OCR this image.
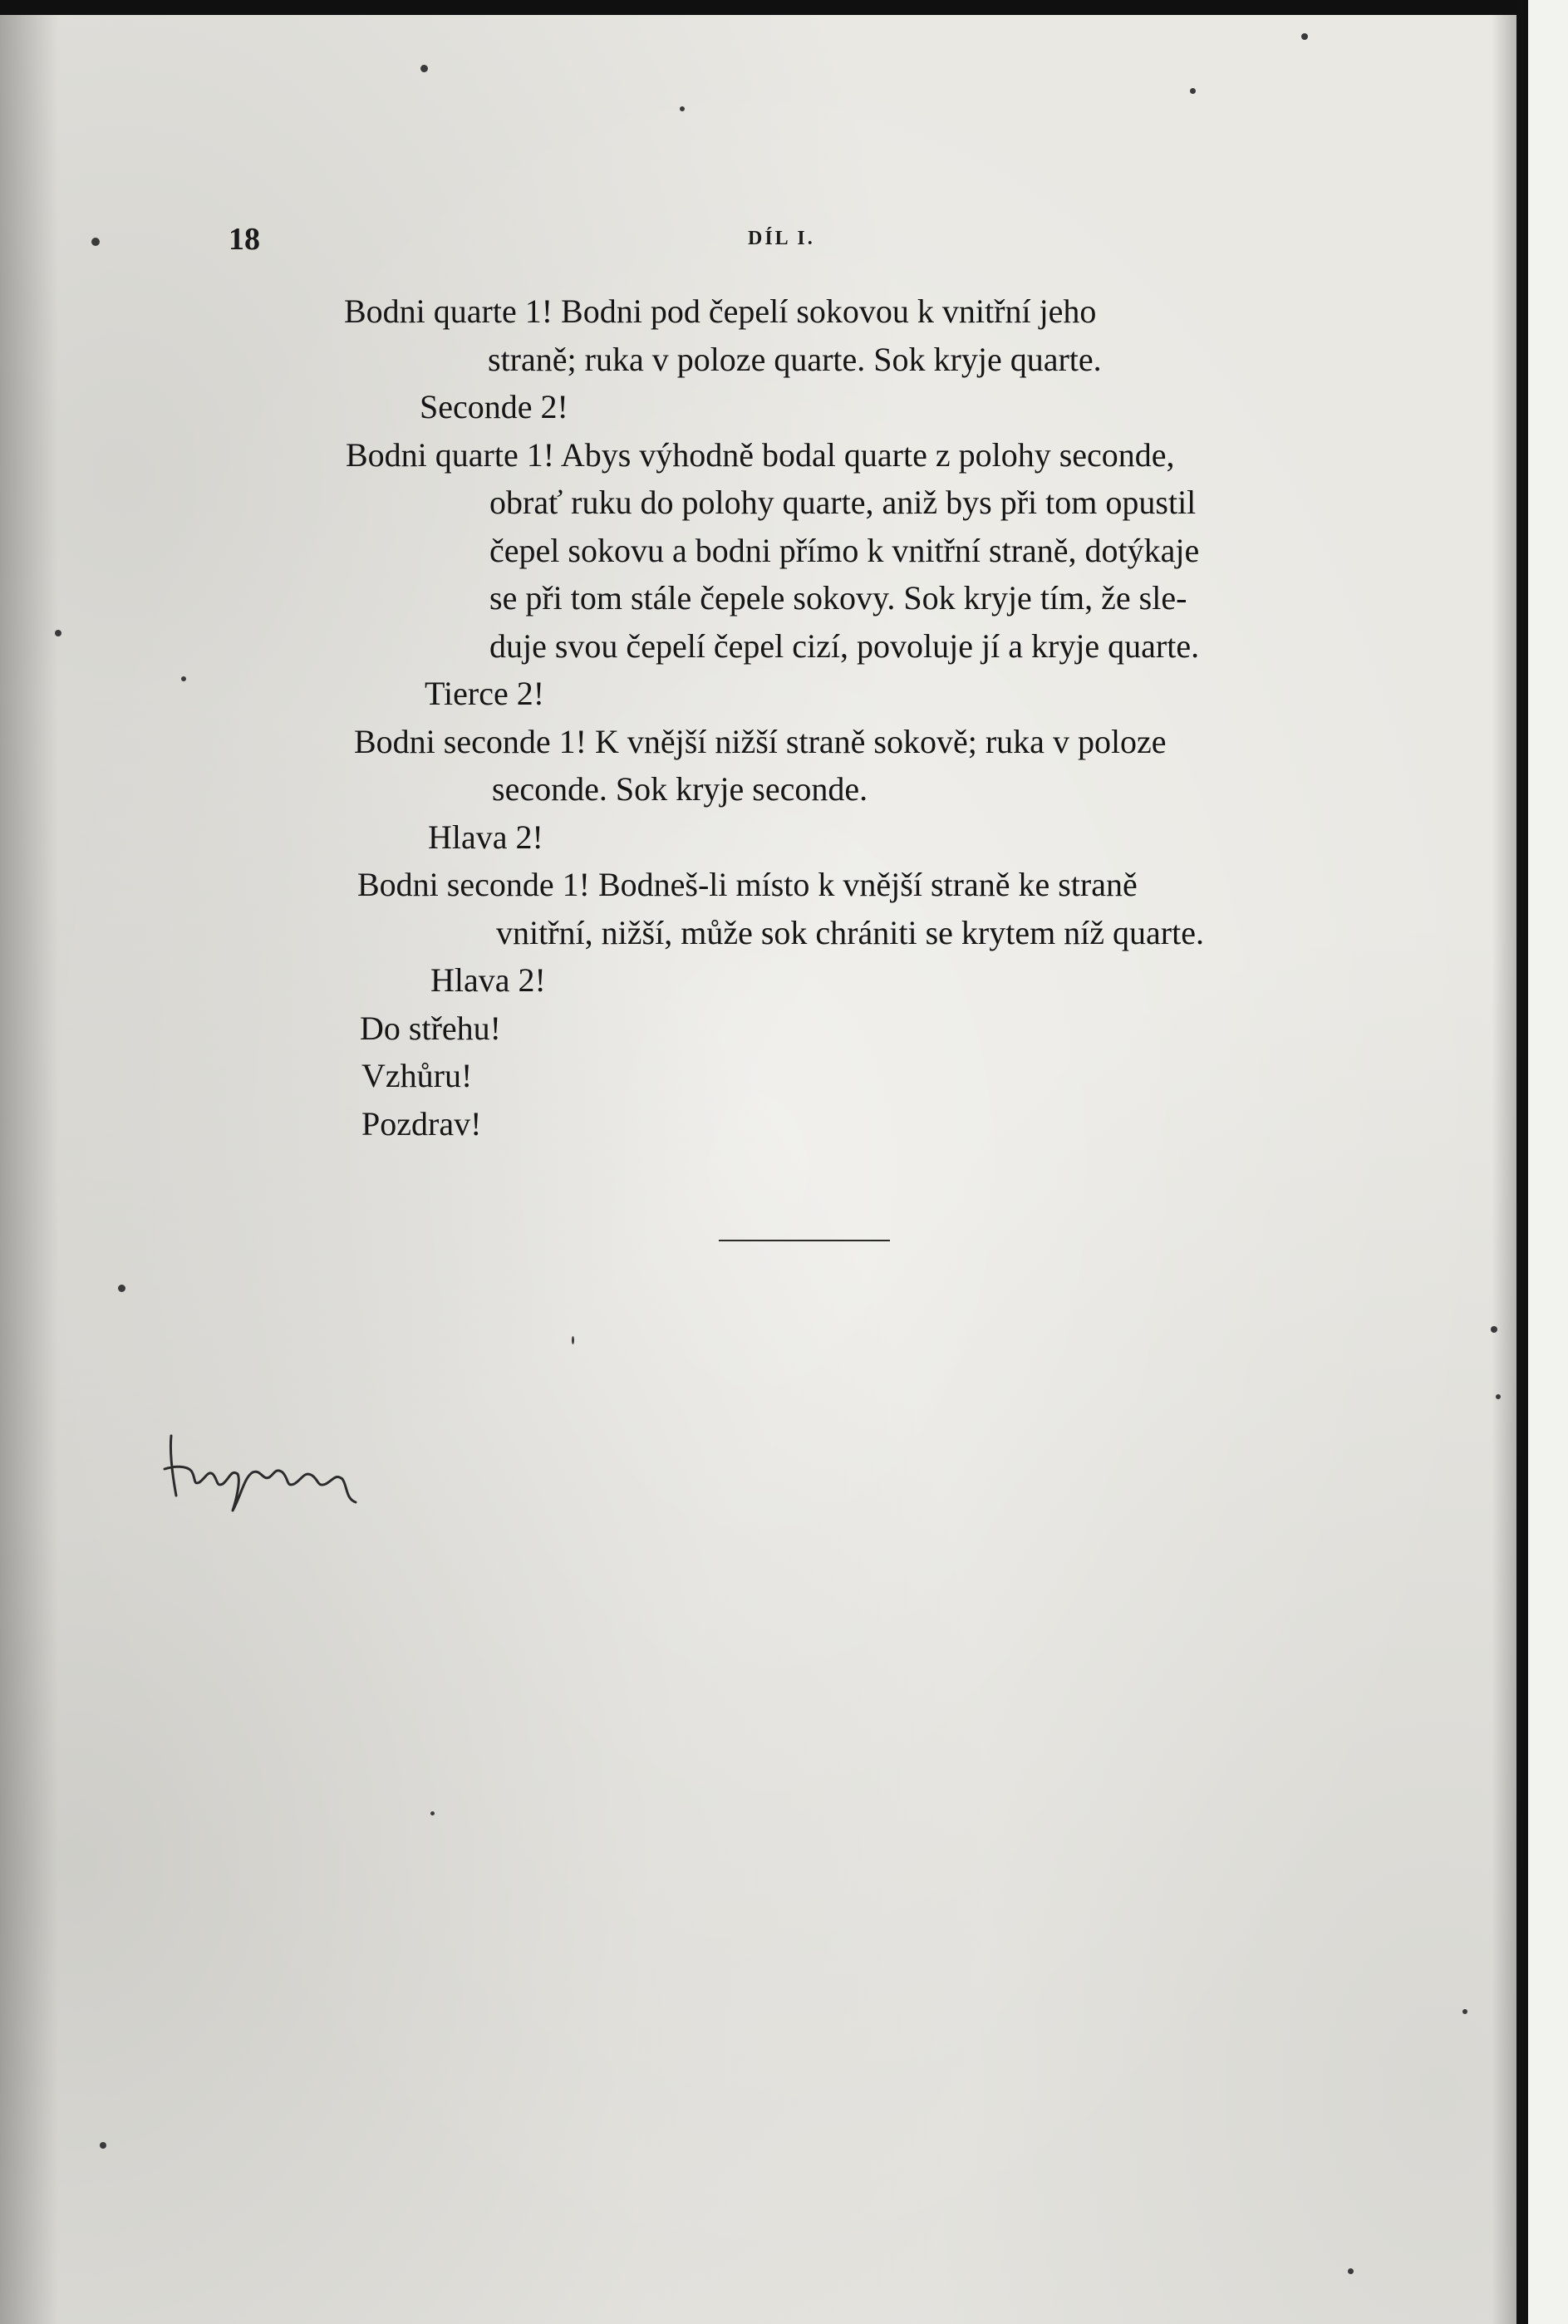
18	DÍL I.
Bodni quarte 1! Bodni pod čepelí sokovou k vnitřní jeho
straně; ruka v poloze quarte. Sok kryje quarte.
Seconde 2!
Bodni quarte 1! Abys výhodně bodal quarte z polohy seconde,
obrať ruku do polohy quarte, aniž bys při tom opustil
čepel sokovu a bodni přímo k vnitřní straně, dotýkaje
se při tom stále čepele sokovy. Sok kryje tím, že sle-
duje svou čepelí čepel cizí, povoluje jí a kryje quarte.
Tierce 2!
Bodni seconde 1! K vnější nižší straně sokově; ruka v poloze
seconde. Sok kryje seconde.
Hlava 2!
Bodni seconde 1! Bodneš-li místo k vnější straně ke straně
vnitřní, nižší, může sok chrániti se krytem níž quarte.
Hlava 2!
Do střehu!
Vzhůru!
Pozdrav!
